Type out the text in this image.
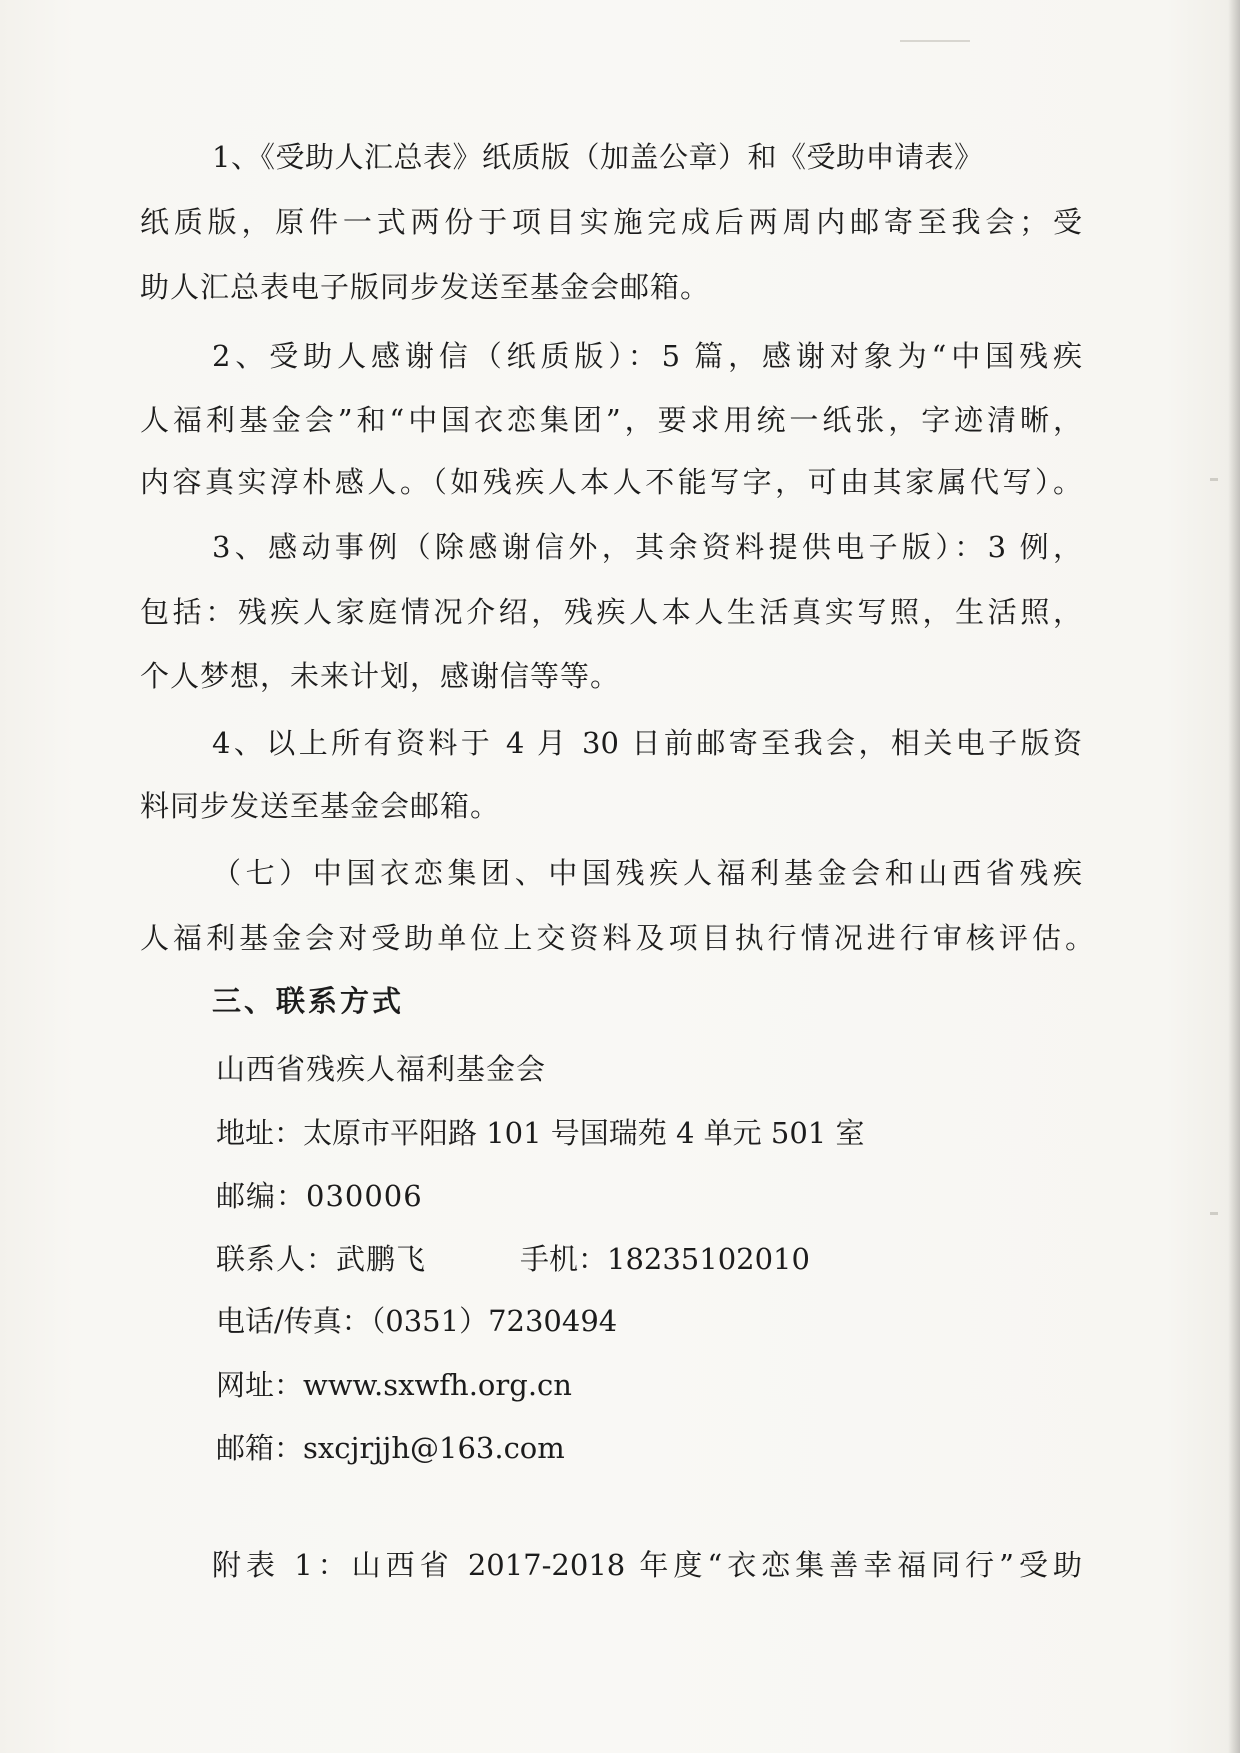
1、《受助人汇总表》纸质版（加盖公章）和《受助申请表》
纸质版，原件一式两份于项目实施完成后两周内邮寄至我会；受
助人汇总表电子版同步发送至基金会邮箱。
2、受助人感谢信（纸质版）：5 篇，感谢对象为“中国残疾
人福利基金会”和“中国衣恋集团”，要求用统一纸张，字迹清晰，
内容真实淳朴感人。（如残疾人本人不能写字，可由其家属代写）。
3、感动事例（除感谢信外，其余资料提供电子版）：3 例，
包括：残疾人家庭情况介绍，残疾人本人生活真实写照，生活照，
个人梦想，未来计划，感谢信等等。
4、以上所有资料于 4 月 30 日前邮寄至我会，相关电子版资
料同步发送至基金会邮箱。
（七）中国衣恋集团、中国残疾人福利基金会和山西省残疾
人福利基金会对受助单位上交资料及项目执行情况进行审核评估。
三、联系方式
山西省残疾人福利基金会
地址：太原市平阳路 101 号国瑞苑 4 单元 501 室
邮编：030006
联系人：武鹏飞	手机：18235102010
电话/传真：（0351）7230494
网址：www.sxwfh.org.cn
邮箱：sxcjrjjh@163.com
附表 1：山西省 2017-2018 年度“衣恋集善幸福同行”受助
